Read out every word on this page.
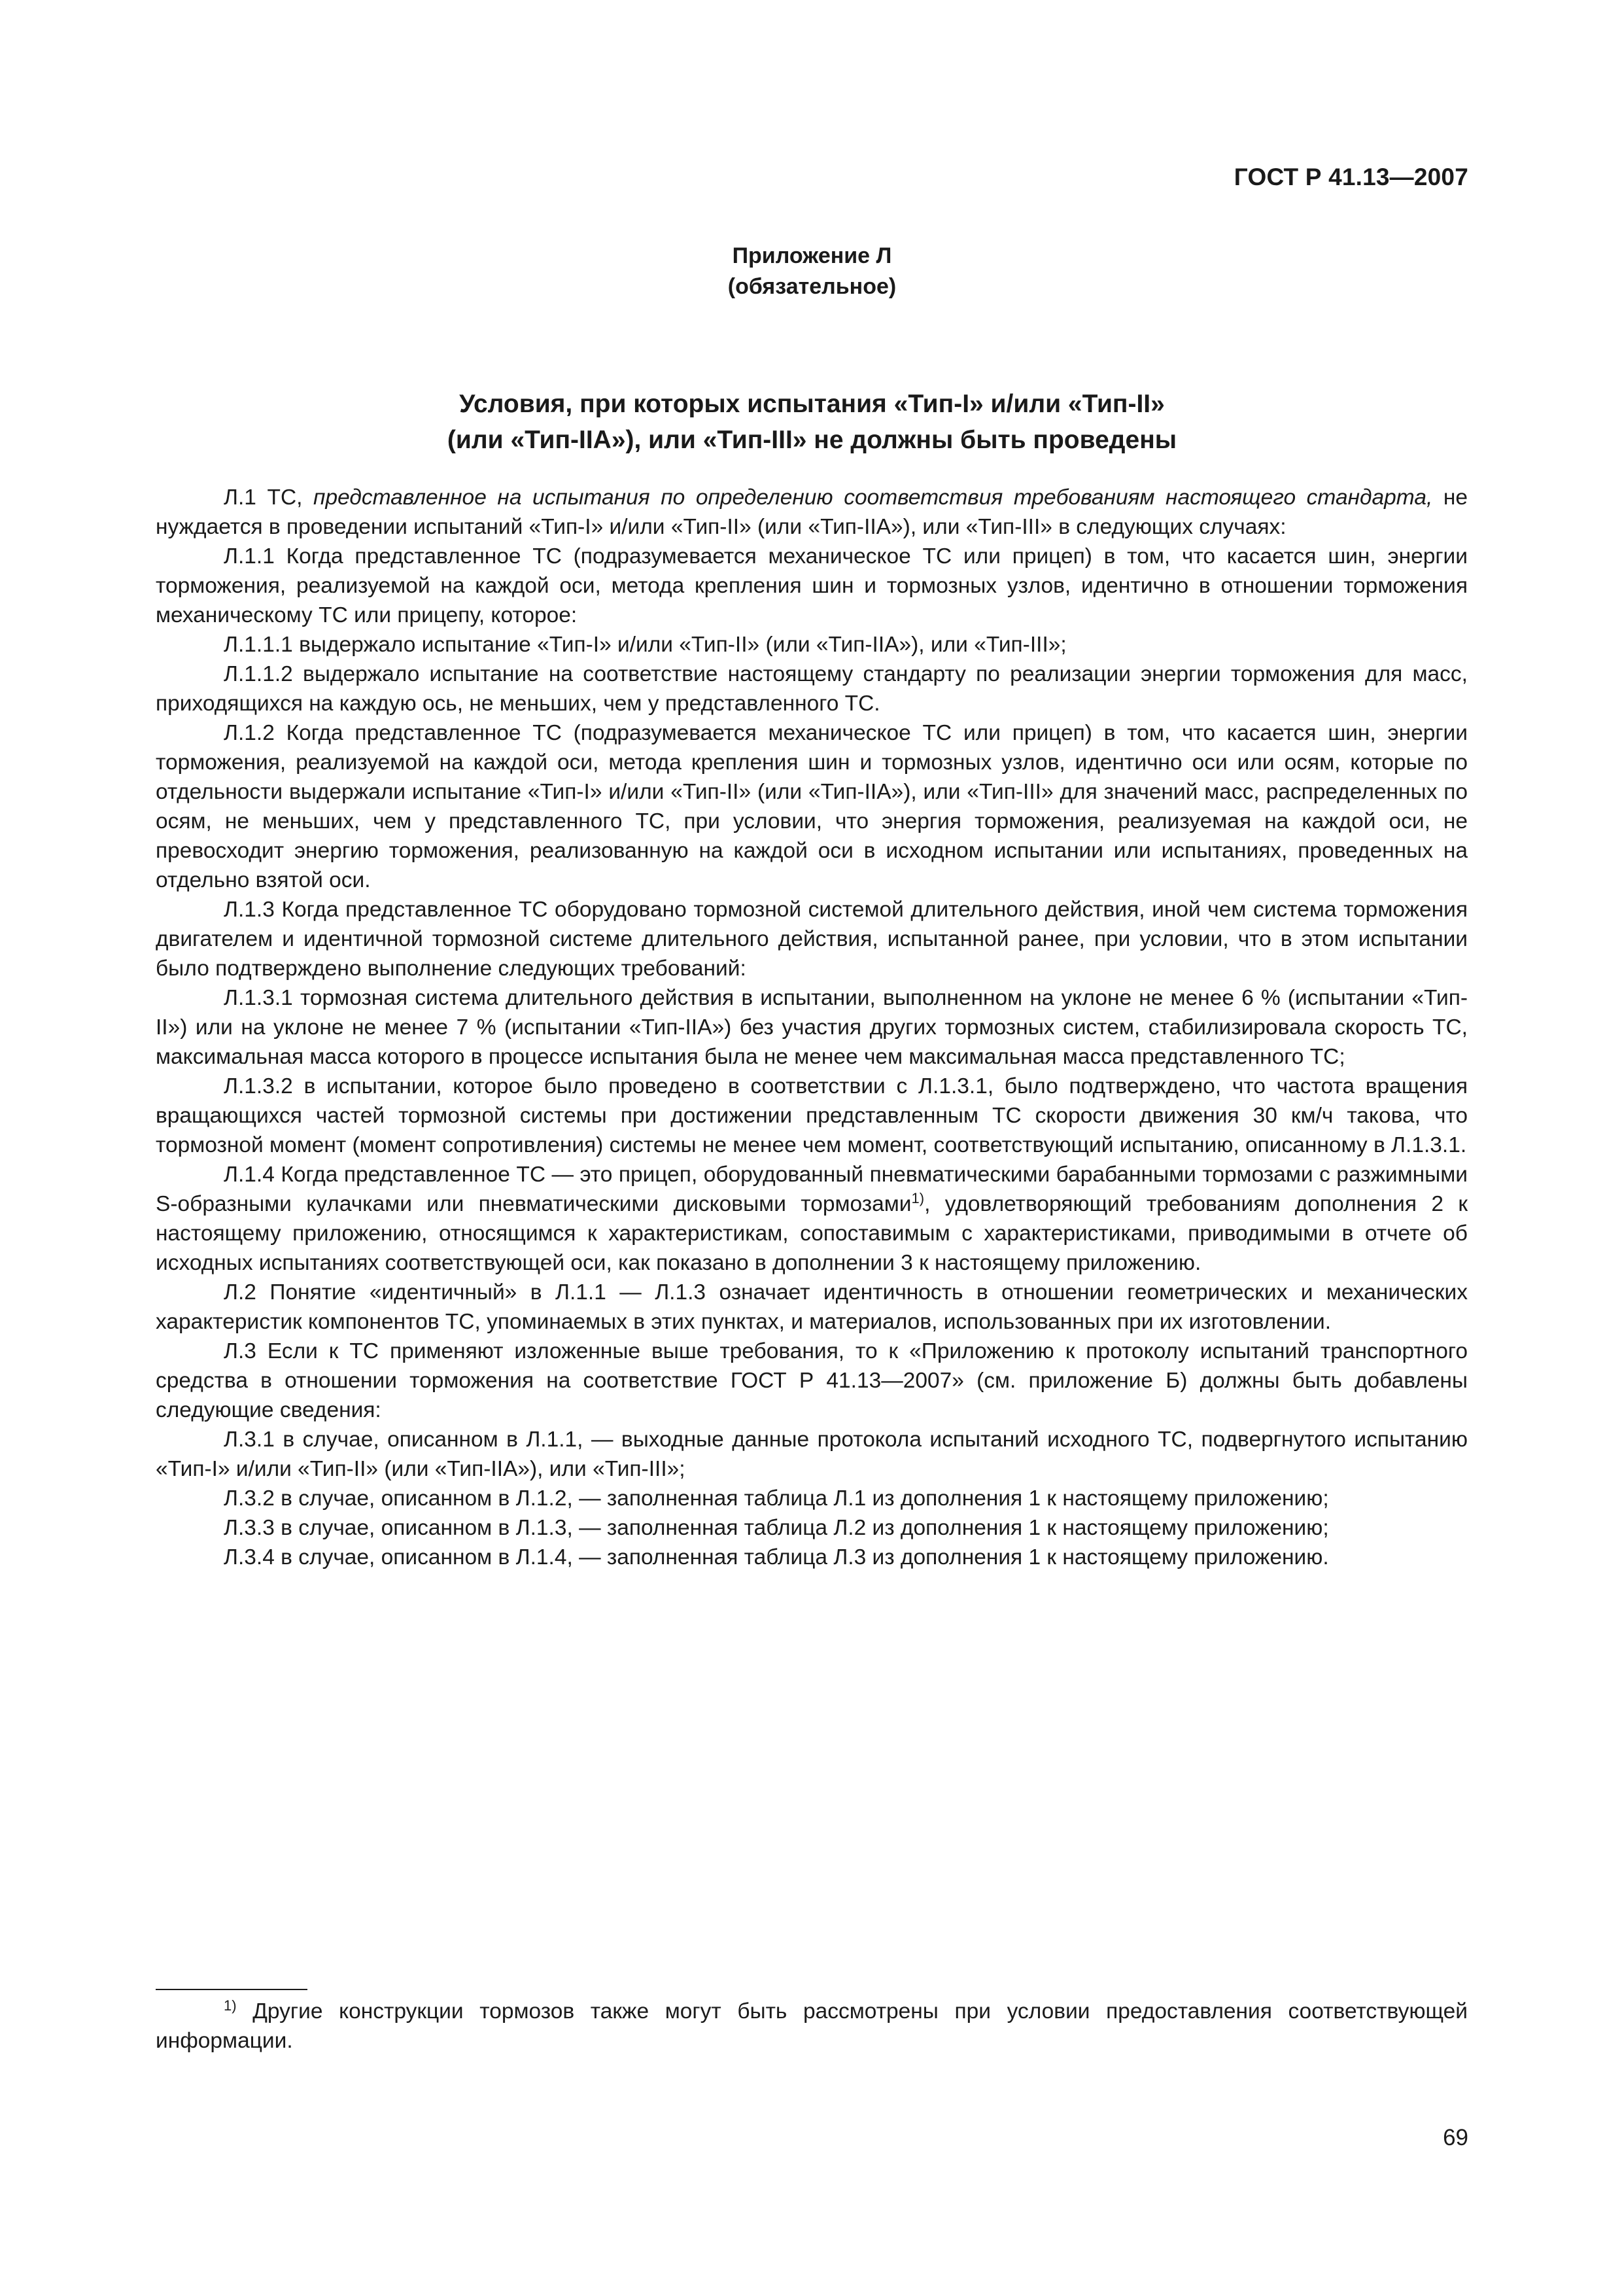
ГОСТ Р 41.13—2007
Приложение Л
(обязательное)
Условия, при которых испытания «Тип-I» и/или «Тип-II»
(или «Тип-IIA»), или «Тип-III» не должны быть проведены

Л.1 ТС, представленное на испытания по определению соответствия требованиям настоящего стандарта, не нуждается в проведении испытаний «Тип-I» и/или «Тип-II» (или «Тип-IIA»), или «Тип-III» в следующих случаях:

Л.1.1 Когда представленное ТС (подразумевается механическое ТС или прицеп) в том, что касается шин, энергии торможения, реализуемой на каждой оси, метода крепления шин и тормозных узлов, идентично в отношении торможения механическому ТС или прицепу, которое:

Л.1.1.1 выдержало испытание «Тип-I» и/или «Тип-II» (или «Тип-IIA»), или «Тип-III»;

Л.1.1.2 выдержало испытание на соответствие настоящему стандарту по реализации энергии торможения для масс, приходящихся на каждую ось, не меньших, чем у представленного ТС.

Л.1.2 Когда представленное ТС (подразумевается механическое ТС или прицеп) в том, что касается шин, энергии торможения, реализуемой на каждой оси, метода крепления шин и тормозных узлов, идентично оси или осям, которые по отдельности выдержали испытание «Тип-I» и/или «Тип-II» (или «Тип-IIA»), или «Тип-III» для значений масс, распределенных по осям, не меньших, чем у представленного ТС, при условии, что энергия торможения, реализуемая на каждой оси, не превосходит энергию торможения, реализованную на каждой оси в исходном испытании или испытаниях, проведенных на отдельно взятой оси.

Л.1.3 Когда представленное ТС оборудовано тормозной системой длительного действия, иной чем система торможения двигателем и идентичной тормозной системе длительного действия, испытанной ранее, при условии, что в этом испытании было подтверждено выполнение следующих требований:

Л.1.3.1 тормозная система длительного действия в испытании, выполненном на уклоне не менее 6 % (испытании «Тип-II») или на уклоне не менее 7 % (испытании «Тип-IIA») без участия других тормозных систем, стабилизировала скорость ТС, максимальная масса которого в процессе испытания была не менее чем максимальная масса представленного ТС;

Л.1.3.2 в испытании, которое было проведено в соответствии с Л.1.3.1, было подтверждено, что частота вращения вращающихся частей тормозной системы при достижении представленным ТС скорости движения 30 км/ч такова, что тормозной момент (момент сопротивления) системы не менее чем момент, соответствующий испытанию, описанному в Л.1.3.1.

Л.1.4 Когда представленное ТС — это прицеп, оборудованный пневматическими барабанными тормозами с разжимными S-образными кулачками или пневматическими дисковыми тормозами$^{1)}$, удовлетворяющий требованиям дополнения 2 к настоящему приложению, относящимся к характеристикам, сопоставимым с характеристиками, приводимыми в отчете об исходных испытаниях соответствующей оси, как показано в дополнении 3 к настоящему приложению.

Л.2 Понятие «идентичный» в Л.1.1 — Л.1.3 означает идентичность в отношении геометрических и механических характеристик компонентов ТС, упоминаемых в этих пунктах, и материалов, использованных при их изготовлении.

Л.3 Если к ТС применяют изложенные выше требования, то к «Приложению к протоколу испытаний транспортного средства в отношении торможения на соответствие ГОСТ Р 41.13—2007» (см. приложение Б) должны быть добавлены следующие сведения:

Л.3.1 в случае, описанном в Л.1.1, — выходные данные протокола испытаний исходного ТС, подвергнутого испытанию «Тип-I» и/или «Тип-II» (или «Тип-IIA»), или «Тип-III»;

Л.3.2 в случае, описанном в Л.1.2, — заполненная таблица Л.1 из дополнения 1 к настоящему приложению;

Л.3.3 в случае, описанном в Л.1.3, — заполненная таблица Л.2 из дополнения 1 к настоящему приложению;

Л.3.4 в случае, описанном в Л.1.4, — заполненная таблица Л.3 из дополнения 1 к настоящему приложению.

$^{1)}$ Другие конструкции тормозов также могут быть рассмотрены при условии предоставления соответствующей информации.

69
